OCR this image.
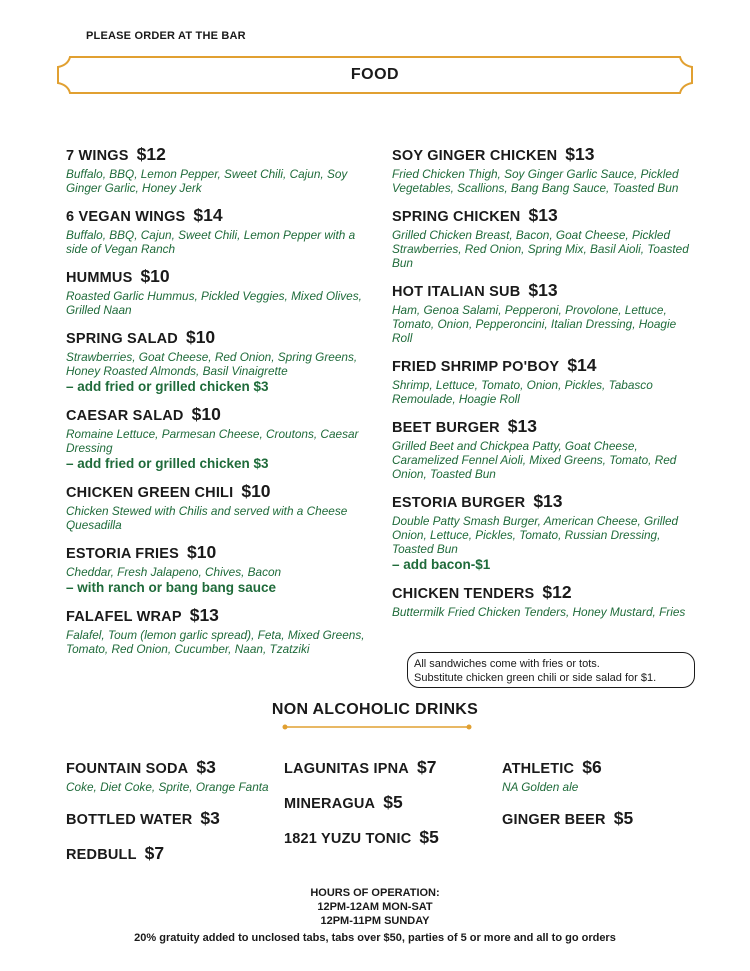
PLEASE ORDER AT THE BAR
FOOD
7 WINGS $12
Buffalo, BBQ, Lemon Pepper, Sweet Chili, Cajun, Soy Ginger Garlic, Honey Jerk
6 VEGAN WINGS $14
Buffalo, BBQ, Cajun, Sweet Chili, Lemon Pepper with a side of Vegan Ranch
HUMMUS $10
Roasted Garlic Hummus, Pickled Veggies, Mixed Olives, Grilled Naan
SPRING SALAD $10
Strawberries, Goat Cheese, Red Onion, Spring Greens, Honey Roasted Almonds, Basil Vinaigrette
– add fried or grilled chicken $3
CAESAR SALAD $10
Romaine Lettuce, Parmesan Cheese, Croutons, Caesar Dressing
– add fried or grilled chicken $3
CHICKEN GREEN CHILI $10
Chicken Stewed with Chilis and served with a Cheese Quesadilla
ESTORIA FRIES $10
Cheddar, Fresh Jalapeno, Chives, Bacon
– with ranch or bang bang sauce
FALAFEL WRAP $13
Falafel, Toum (lemon garlic spread), Feta, Mixed Greens, Tomato, Red Onion, Cucumber, Naan, Tzatziki
SOY GINGER CHICKEN $13
Fried Chicken Thigh, Soy Ginger Garlic Sauce, Pickled Vegetables, Scallions, Bang Bang Sauce, Toasted Bun
SPRING CHICKEN $13
Grilled Chicken Breast, Bacon, Goat Cheese, Pickled Strawberries, Red Onion, Spring Mix, Basil Aioli, Toasted Bun
HOT ITALIAN SUB $13
Ham, Genoa Salami, Pepperoni, Provolone, Lettuce, Tomato, Onion, Pepperoncini, Italian Dressing, Hoagie Roll
FRIED SHRIMP PO'BOY $14
Shrimp, Lettuce, Tomato, Onion, Pickles, Tabasco Remoulade, Hoagie Roll
BEET BURGER $13
Grilled Beet and Chickpea Patty, Goat Cheese, Caramelized Fennel Aioli, Mixed Greens, Tomato, Red Onion, Toasted Bun
ESTORIA BURGER $13
Double Patty Smash Burger, American Cheese, Grilled Onion, Lettuce, Pickles, Tomato, Russian Dressing, Toasted Bun
– add bacon-$1
CHICKEN TENDERS $12
Buttermilk Fried Chicken Tenders, Honey Mustard, Fries
All sandwiches come with fries or tots.
Substitute chicken green chili or side salad for $1.
NON ALCOHOLIC DRINKS
FOUNTAIN SODA $3
Coke, Diet Coke, Sprite, Orange Fanta
BOTTLED WATER $3
REDBULL $7
LAGUNITAS IPNA $7
MINERAGUA $5
1821 YUZU TONIC $5
ATHLETIC $6
NA Golden ale
GINGER BEER $5
HOURS OF OPERATION:
12PM-12AM MON-SAT
12PM-11PM SUNDAY
20% gratuity added to unclosed tabs, tabs over $50, parties of 5 or more and all to go orders
